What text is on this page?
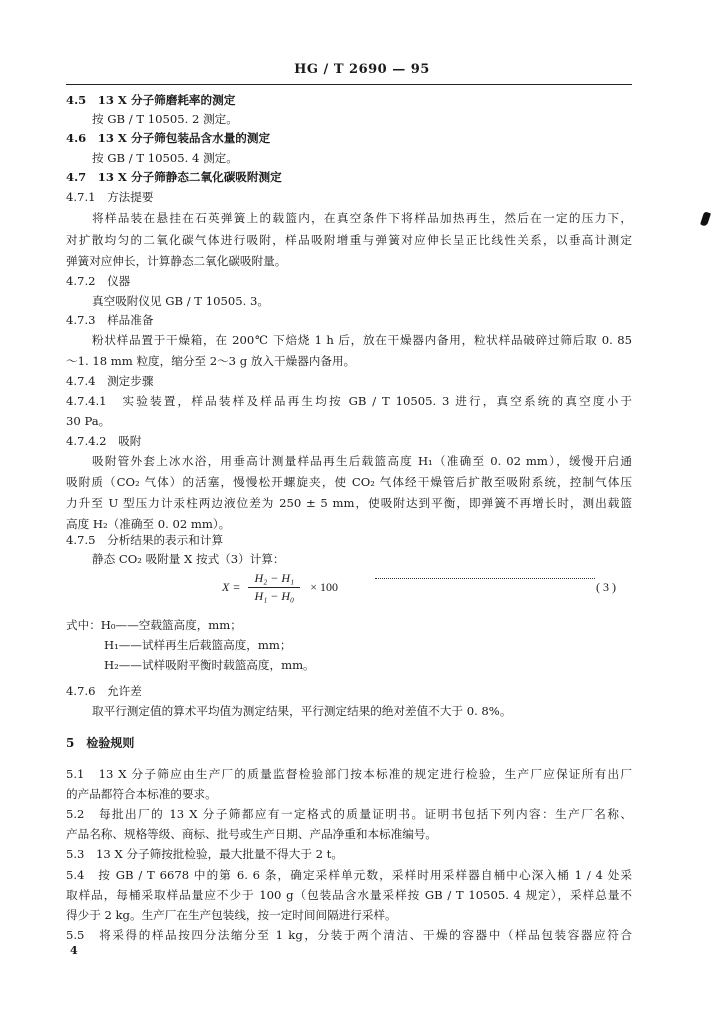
HG / T 2690 — 95
4.5　13 X 分子筛磨耗率的测定
按 GB / T 10505. 2 测定。
4.6　13 X 分子筛包装品含水量的测定
按 GB / T 10505. 4 测定。
4.7　13 X 分子筛静态二氧化碳吸附测定
4.7.1　方法提要
将样品装在悬挂在石英弹簧上的载篮内，在真空条件下将样品加热再生，然后在一定的压力下，
对扩散均匀的二氧化碳气体进行吸附，样品吸附增重与弹簧对应伸长呈正比线性关系，以垂高计测定
弹簧对应伸长，计算静态二氧化碳吸附量。
4.7.2　仪器
真空吸附仪见 GB / T 10505. 3。
4.7.3　样品准备
粉状样品置于干燥箱，在 200℃ 下焙烧 1 h 后，放在干燥器内备用，粒状样品破碎过筛后取 0. 85
～1. 18 mm 粒度，缩分至 2～3 g 放入干燥器内备用。
4.7.4　测定步骤
4.7.4.1　实验装置，样品装样及样品再生均按 GB / T 10505. 3 进行，真空系统的真空度小于
30 Pa。
4.7.4.2　吸附
吸附管外套上冰水浴，用垂高计测量样品再生后载篮高度 H₁（准确至 0. 02 mm），缓慢开启通
吸附质（CO₂ 气体）的活塞，慢慢松开螺旋夹，使 CO₂ 气体经干燥管后扩散至吸附系统，控制气体压
力升至 U 型压力计汞柱两边液位差为 250 ± 5 mm，使吸附达到平衡，即弹簧不再增长时，测出载篮
高度 H₂（准确至 0. 02 mm）。
4.7.5　分析结果的表示和计算
静态 CO₂ 吸附量 X 按式（3）计算：
$X = \frac{\text{H₂ − H₁}}{\text{H₁ − H₀}} \times 100$	( 3 )
式中：H₀——空载篮高度，mm；
H₁——试样再生后载篮高度，mm；
H₂——试样吸附平衡时载篮高度，mm。
4.7.6　允许差
取平行测定值的算术平均值为测定结果，平行测定结果的绝对差值不大于 0. 8%。
5　检验规则
5.1　13 X 分子筛应由生产厂的质量监督检验部门按本标准的规定进行检验，生产厂应保证所有出厂
的产品都符合本标准的要求。
5.2　每批出厂的 13 X 分子筛都应有一定格式的质量证明书。证明书包括下列内容：生产厂名称、
产品名称、规格等级、商标、批号或生产日期、产品净重和本标准编号。
5.3　13 X 分子筛按批检验，最大批量不得大于 2 t。
5.4　按 GB / T 6678 中的第 6. 6 条，确定采样单元数，采样时用采样器自桶中心深入桶 1 / 4 处采
取样品，每桶采取样品量应不少于 100 g（包装品含水量采样按 GB / T 10505. 4 规定），采样总量不
得少于 2 kg。生产厂在生产包装线，按一定时间间隔进行采样。
5.5　将采得的样品按四分法缩分至 1 kg，分装于两个清洁、干燥的容器中（样品包装容器应符合
4
